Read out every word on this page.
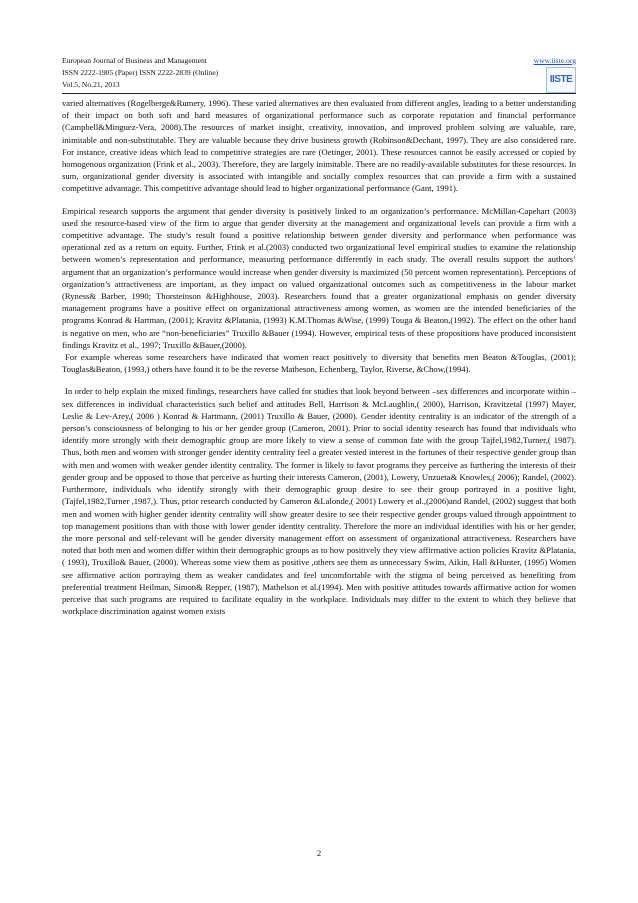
European Journal of Business and Management
ISSN 2222-1905 (Paper) ISSN 2222-2839 (Online)
Vol.5, No.21, 2013
www.iiste.org
IISTE

varied alternatives (Rogelberge&Rumery, 1996). These varied alternatives are then evaluated from different angles, leading to a better understanding of their impact on both soft and hard measures of organizational performance such as corporate reputation and financial performance (Campbell&Minguez-Vera, 2008).The resources of market insight, creativity, innovation, and improved problem solving are valuable, rare, inimitable and non-substitutable. They are valuable because they drive business growth (Robinson&Dechant, 1997). They are also considered rare. For instance, creative ideas which lead to competitive strategies are rare (Oetinger, 2001). These resources cannot be easily accessed or copied by homogenous organization (Frink et al., 2003). Therefore, they are largely inimitable. There are no readily-available substitutes for these resources. In sum, organizational gender diversity is associated with intangible and socially complex resources that can provide a firm with a sustained competitive advantage. This competitive advantage should lead to higher organizational performance (Gant, 1991).

Empirical research supports the argument that gender diversity is positively linked to an organization’s performance. McMillan-Capehart (2003) used the resource-based view of the firm to argue that gender diversity at the management and organizational levels can provide a firm with a competitive advantage. The study’s result found a positive relationship between gender diversity and performance when performance was operational zed as a return on equity. Further, Frink et al.(2003) conducted two organizational level empirical studies to examine the relationship between women’s representation and performance, measuring performance differently in each study. The overall results support the authors’ argument that an organization’s performance would increase when gender diversity is maximized (50 percent women representation). Perceptions of organization’s attractiveness are important, as they impact on valued organizational outcomes such as competitiveness in the labour market (Ryness& Barber, 1990; Thorsteinson &Highhouse, 2003). Researchers found that a greater organizational emphasis on gender diversity management programs have a positive effect on organizational attractiveness among women, as women are the intended beneficiaries of the programs Konrad & Hartman, (2001); Kravitz &Platania, (1993) K.M.Thomas &Wise, (1999) Touga & Beaton,(1992). The effect on the other hand is negative on men, who are “non-beneficiaries” Truxillo &Bauer (1994). However, empirical tests of these propositions have produced inconsistent findings Kravitz et al., 1997; Truxillo &Bauer,(2000).

For example whereas some researchers have indicated that women react positively to diversity that benefits men Beaton &Touglas, (2001); Touglas&Beaton, (1993,) others have found it to be the reverse Matheson, Echenberg, Taylor, Riverse, &Chow,(1994).

In order to help explain the mixed findings, researchers have called for studies that look beyond between –sex differences and incorporate within –sex differences in individual characteristics such belief and attitudes Bell, Harrison & McLaughlin,( 2000), Harrison, Kravitzetal (1997) Mayer, Leslie & Lev-Arey,( 2006 ) Konrad & Hartmann, (2001) Truxillo & Bauer, (2000). Gender identity centrality is an indicator of the strength of a person’s consciousness of belonging to his or her gender group (Cameron, 2001). Prior to social identity research has found that individuals who identify more strongly with their demographic group are more likely to view a sense of common fate with the group Tajfel,1982,Turner,( 1987). Thus, both men and women with stronger gender identity centrality feel a greater vested interest in the fortunes of their respective gender group than with men and women with weaker gender identity centrality. The former is likely to favor programs they perceive as furthering the interests of their gender group and be opposed to those that perceive as hurting their interests Cameron, (2001), Lowery, Unzueta& Knowles,( 2006); Randel, (2002). Furthermore, individuals who identify strongly with their demographic group desire to see their group portrayed in a positive light,(Tajfel,1982,Turner ,1987,). Thus, prior research conducted by Cameron &Lalonde,( 2001) Lowery et al.,(2006)and Randel, (2002) suggest that both men and women with higher gender identity centrality will show greater desire to see their respective gender groups valued through appointment to top management positions than with those with lower gender identity centrality. Therefore the more an individual identifies with his or her gender, the more personal and self-relevant will be gender diversity management effort on assessment of organizational attractiveness. Researchers have noted that both men and women differ within their demographic groups as to how positively they view affirmative action policies Kravitz &Platania,( 1993), Truxillo& Bauer, (2000). Whereas some view them as positive ,others see them as unnecessary Swim, Aikin, Hall &Hunter, (1995) Women see affirmative action portraying them as weaker candidates and feel uncomfortable with the stigma of being perceived as benefiting from preferential treatment Heilman, Simon& Repper, (1987), Mathelson et al.(1994). Men with positive attitudes towards affirmative action for women perceive that such programs are required to facilitate equality in the workplace. Individuals may differ to the extent to which they believe that workplace discrimination against women exists

2
